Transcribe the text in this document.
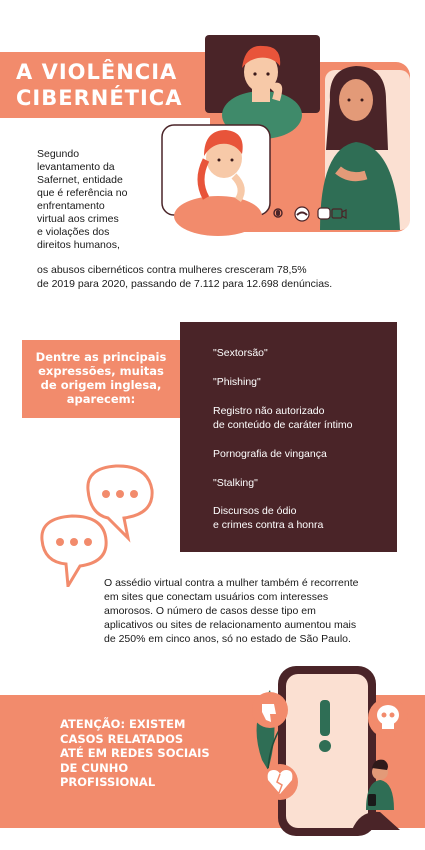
A VIOLÊNCIA
CIBERNÉTICA
Segundo
levantamento da
Safernet, entidade
que é referência no
enfrentamento
virtual aos crimes
e violações dos
direitos humanos,
os abusos cibernéticos contra mulheres cresceram 78,5%
de 2019 para 2020, passando de 7.112 para 12.698 denúncias.
"Sextorsão"
"Phishing"
Registro não autorizado
de conteúdo de caráter íntimo
Pornografia de vingança
"Stalking"
Discursos de ódio
e crimes contra a honra
Dentre as principais
expressões, muitas
de origem inglesa,
aparecem:
O assédio virtual contra a mulher também é recorrente
em sites que conectam usuários com interesses
amorosos. O número de casos desse tipo em
aplicativos ou sites de relacionamento aumentou mais
de 250% em cinco anos, só no estado de São Paulo.
ATENÇÃO: EXISTEM
CASOS RELATADOS
ATÉ EM REDES SOCIAIS
DE CUNHO
PROFISSIONAL
